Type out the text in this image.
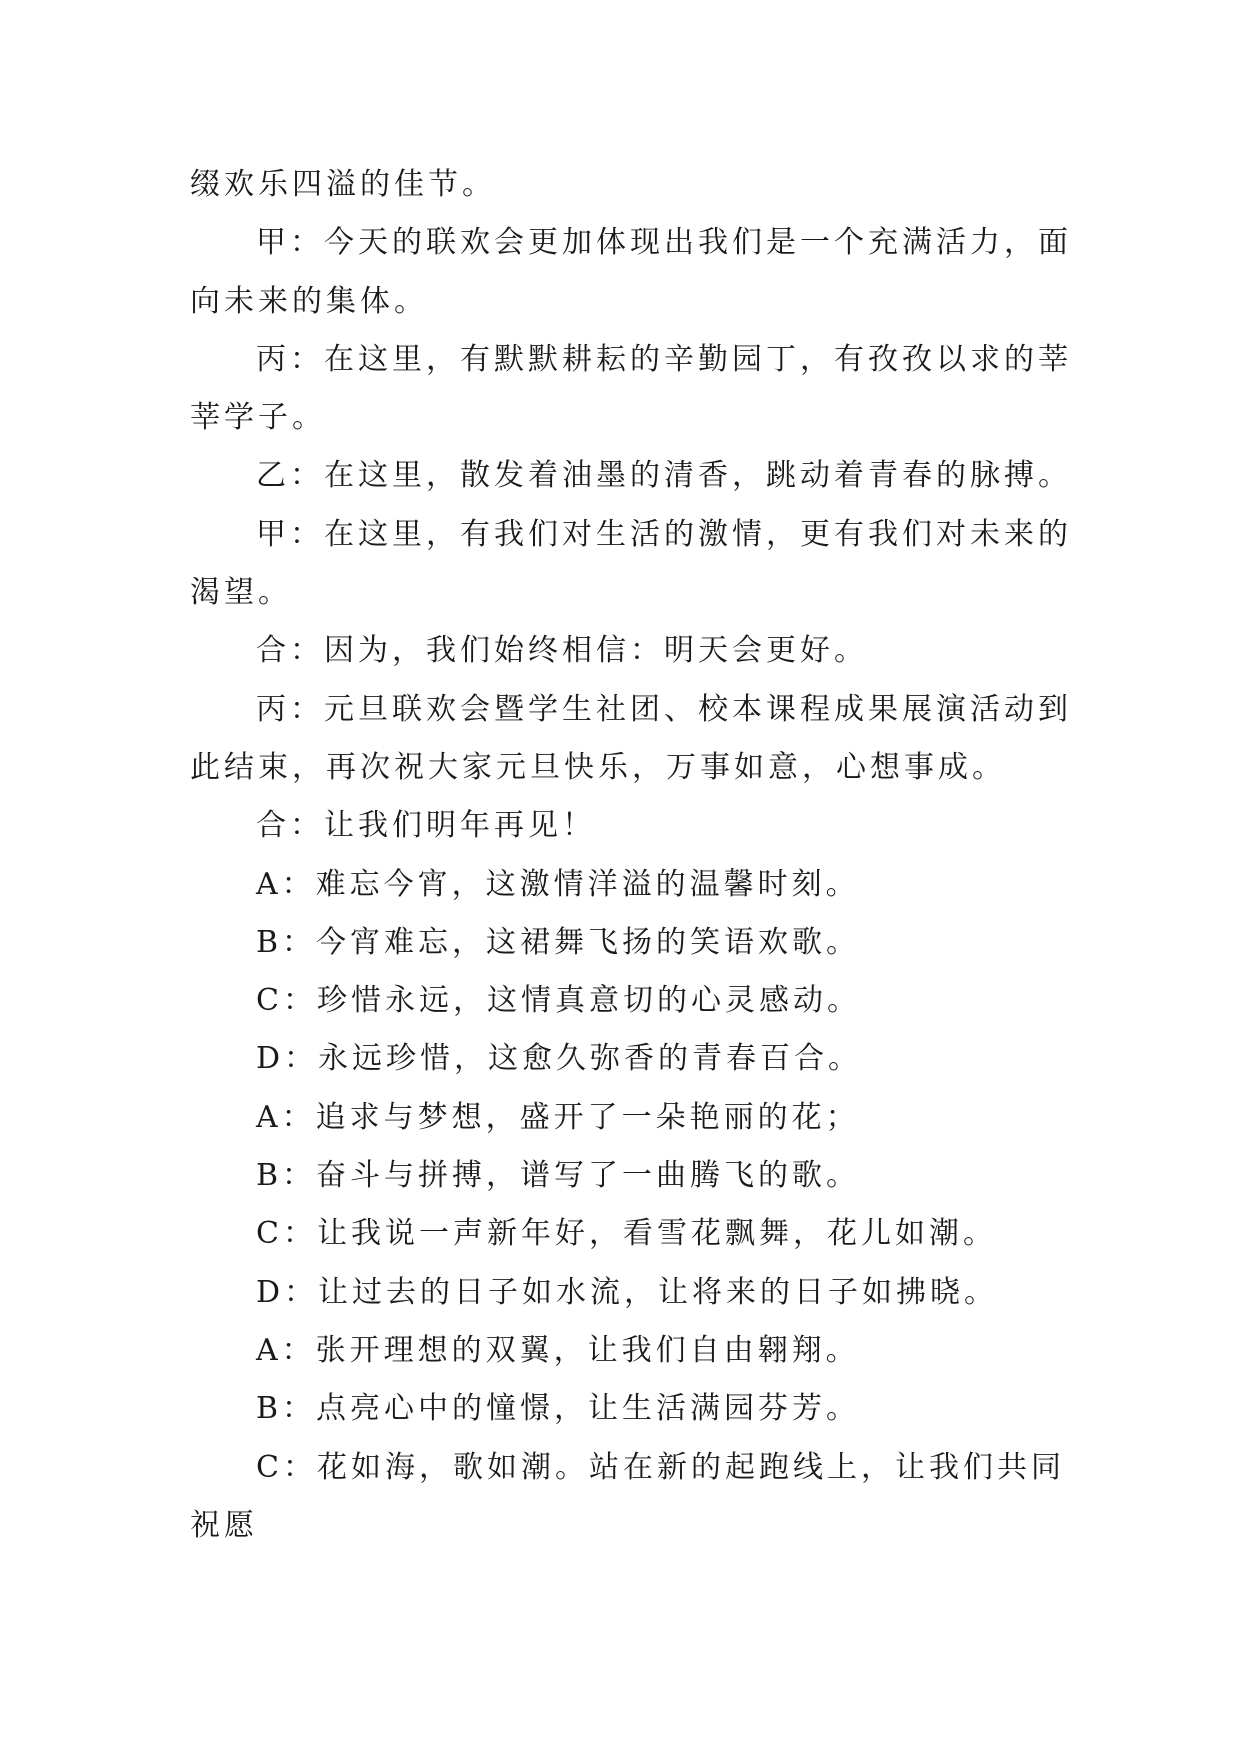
缀欢乐四溢的佳节。
甲：今天的联欢会更加体现出我们是一个充满活力，面
向未来的集体。
丙：在这里，有默默耕耘的辛勤园丁，有孜孜以求的莘
莘学子。
乙：在这里，散发着油墨的清香，跳动着青春的脉搏。
甲：在这里，有我们对生活的激情，更有我们对未来的
渴望。
合：因为，我们始终相信：明天会更好。
丙：元旦联欢会暨学生社团、校本课程成果展演活动到
此结束，再次祝大家元旦快乐，万事如意，心想事成。
合：让我们明年再见！
A：难忘今宵，这激情洋溢的温馨时刻。
B：今宵难忘，这裙舞飞扬的笑语欢歌。
C：珍惜永远，这情真意切的心灵感动。
D：永远珍惜，这愈久弥香的青春百合。
A：追求与梦想，盛开了一朵艳丽的花；
B：奋斗与拼搏，谱写了一曲腾飞的歌。
C：让我说一声新年好，看雪花飘舞，花儿如潮。
D：让过去的日子如水流，让将来的日子如拂晓。
A：张开理想的双翼，让我们自由翱翔。
B：点亮心中的憧憬，让生活满园芬芳。
C：花如海，歌如潮。站在新的起跑线上，让我们共同
祝愿
